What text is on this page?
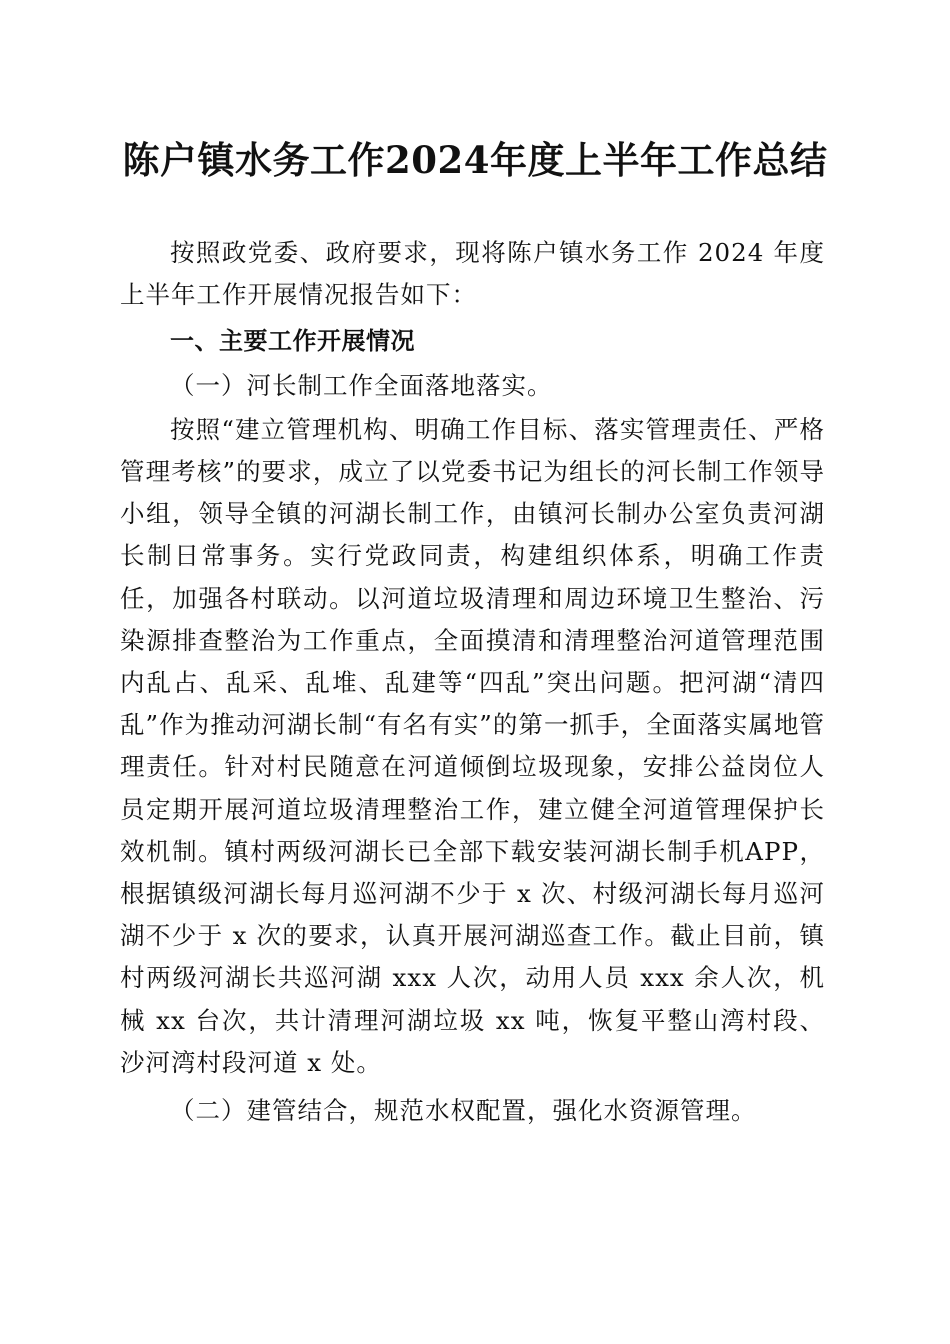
陈户镇水务工作2024年度上半年工作总结

按照政党委、政府要求，现将陈户镇水务工作 2024 年度上半年工作开展情况报告如下：

一、主要工作开展情况

（一）河长制工作全面落地落实。

按照“建立管理机构、明确工作目标、落实管理责任、严格管理考核”的要求，成立了以党委书记为组长的河长制工作领导小组，领导全镇的河湖长制工作，由镇河长制办公室负责河湖长制日常事务。实行党政同责，构建组织体系，明确工作责任，加强各村联动。以河道垃圾清理和周边环境卫生整治、污染源排查整治为工作重点，全面摸清和清理整治河道管理范围内乱占、乱采、乱堆、乱建等“四乱”突出问题。把河湖“清四乱”作为推动河湖长制“有名有实”的第一抓手，全面落实属地管理责任。针对村民随意在河道倾倒垃圾现象，安排公益岗位人员定期开展河道垃圾清理整治工作，建立健全河道管理保护长效机制。镇村两级河湖长已全部下载安装河湖长制手机APP，根据镇级河湖长每月巡河湖不少于 x 次、村级河湖长每月巡河湖不少于 x 次的要求，认真开展河湖巡查工作。截止目前，镇村两级河湖长共巡河湖 xxx 人次，动用人员 xxx 余人次，机械 xx 台次，共计清理河湖垃圾 xx 吨，恢复平整山湾村段、沙河湾村段河道 x 处。

（二）建管结合，规范水权配置，强化水资源管理。
